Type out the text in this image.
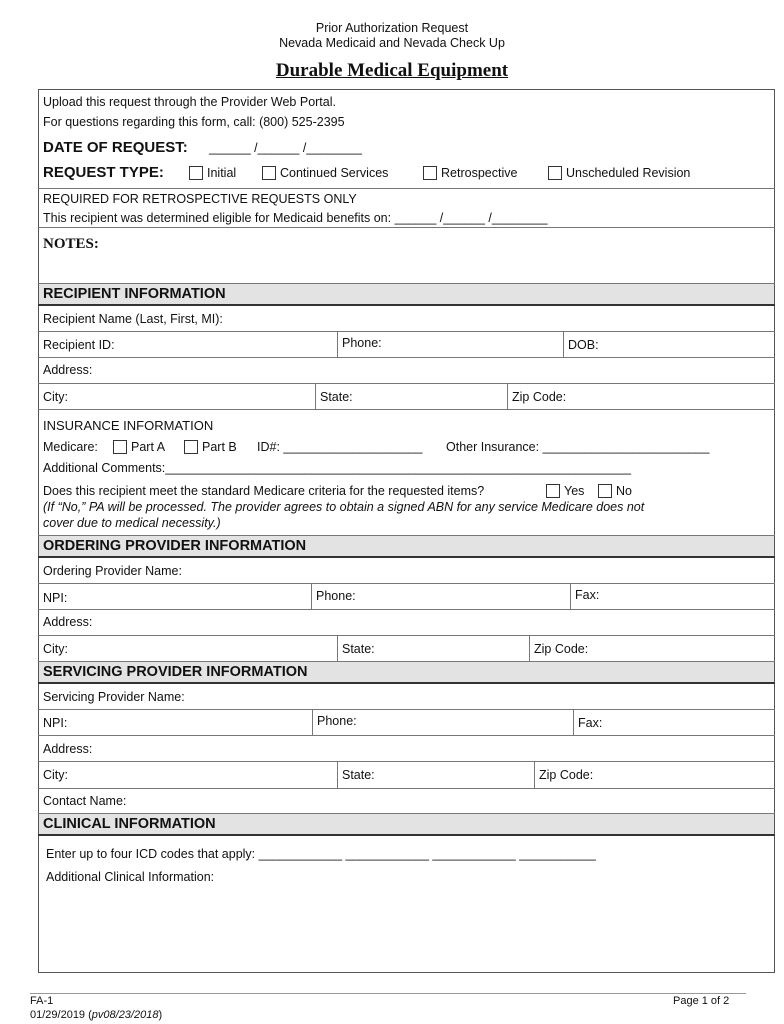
Prior Authorization Request
Nevada Medicaid and Nevada Check Up
Durable Medical Equipment
Upload this request through the Provider Web Portal.
For questions regarding this form, call: (800) 525-2395
DATE OF REQUEST: ______ /______ /________
REQUEST TYPE:	Initial	Continued Services	Retrospective	Unscheduled Revision
REQUIRED FOR RETROSPECTIVE REQUESTS ONLY
This recipient was determined eligible for Medicaid benefits on: ______ /______ /________
NOTES:
RECIPIENT INFORMATION
Recipient Name (Last, First, MI):
Recipient ID:	Phone:	DOB:
Address:
City:	State:	Zip Code:
INSURANCE INFORMATION
Medicare:	Part A	Part B ID#: ____________________ Other Insurance: ________________________
Additional Comments:___________________________________________________________________
Does this recipient meet the standard Medicare criteria for the requested items?	Yes	No
(If “No,” PA will be processed. The provider agrees to obtain a signed ABN for any service Medicare does not
cover due to medical necessity.)
ORDERING PROVIDER INFORMATION
Ordering Provider Name:
NPI:	Phone:	Fax:
Address:
City:	State:	Zip Code:
SERVICING PROVIDER INFORMATION
Servicing Provider Name:
NPI:	Phone:	Fax:
Address:
City:	State:	Zip Code:
Contact Name:
CLINICAL INFORMATION
Enter up to four ICD codes that apply: ____________ ____________ ____________ ___________
Additional Clinical Information:
FA-1
01/29/2019 (pv08/23/2018)
Page 1 of 2
